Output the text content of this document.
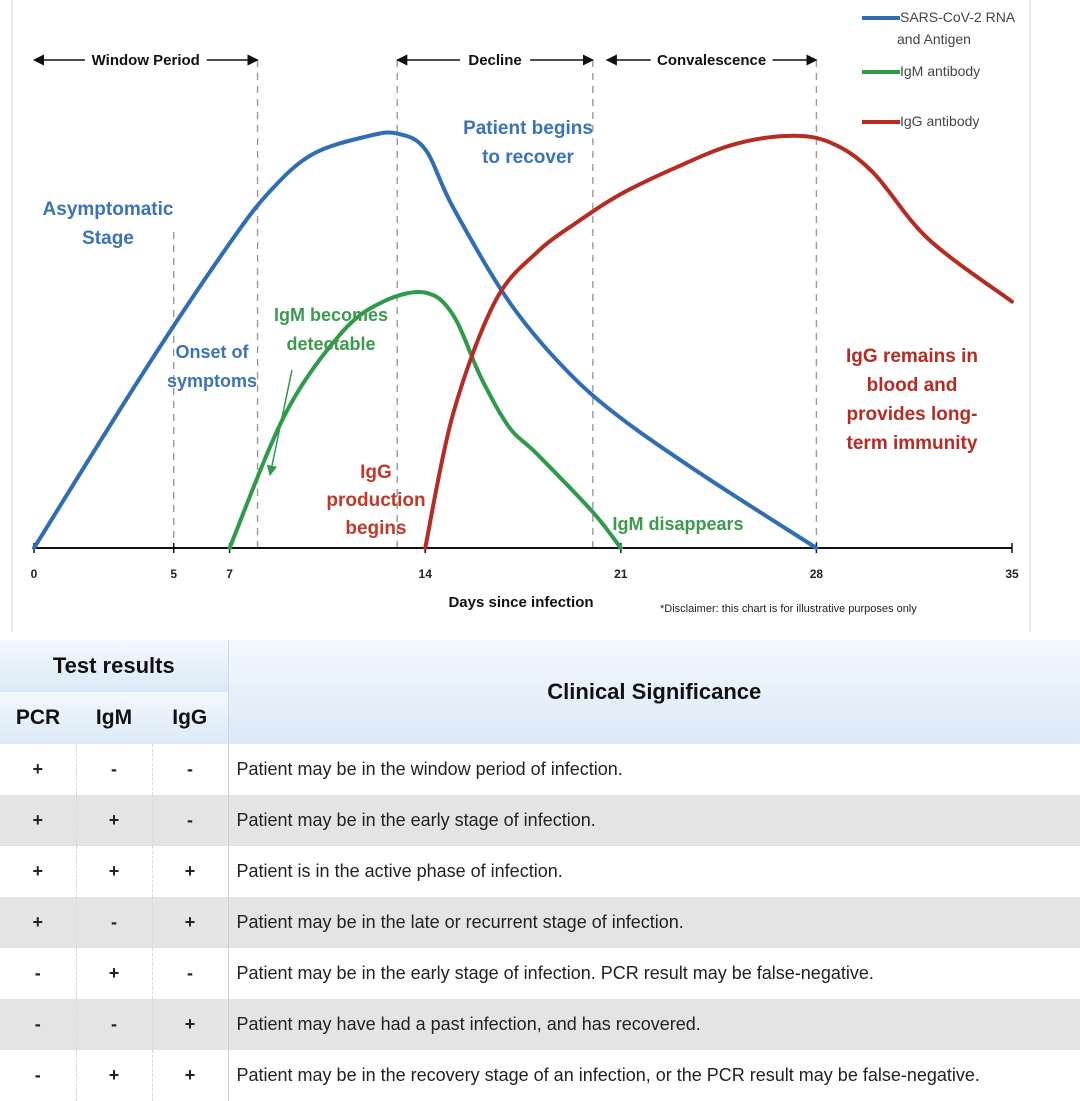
Window Period	Decline	Convalescence
0	5	7	14	21	28	35
SARS-CoV-2 RNA
and Antigen
IgM antibody
IgG antibody
Asymptomatic
Stage
Onset of
symptoms
Patient begins
to recover
IgM becomes
detectable
IgM disappears
IgG
production
begins
IgG remains in
blood and
provides long-
term immunity
Days since infection	*Disclaimer: this chart is for illustrative purposes only
Test results			Clinical Significance
PCR	IgM	IgG	
+	-	-	Patient may be in the window period of infection.
+	+	-	Patient may be in the early stage of infection.
+	+	+	Patient is in the active phase of infection.
+	-	+	Patient may be in the late or recurrent stage of infection.
-	+	-	Patient may be in the early stage of infection. PCR result may be false-negative.
-	-	+	Patient may have had a past infection, and has recovered.
-	+	+	Patient may be in the recovery stage of an infection, or the PCR result may be false-negative.
